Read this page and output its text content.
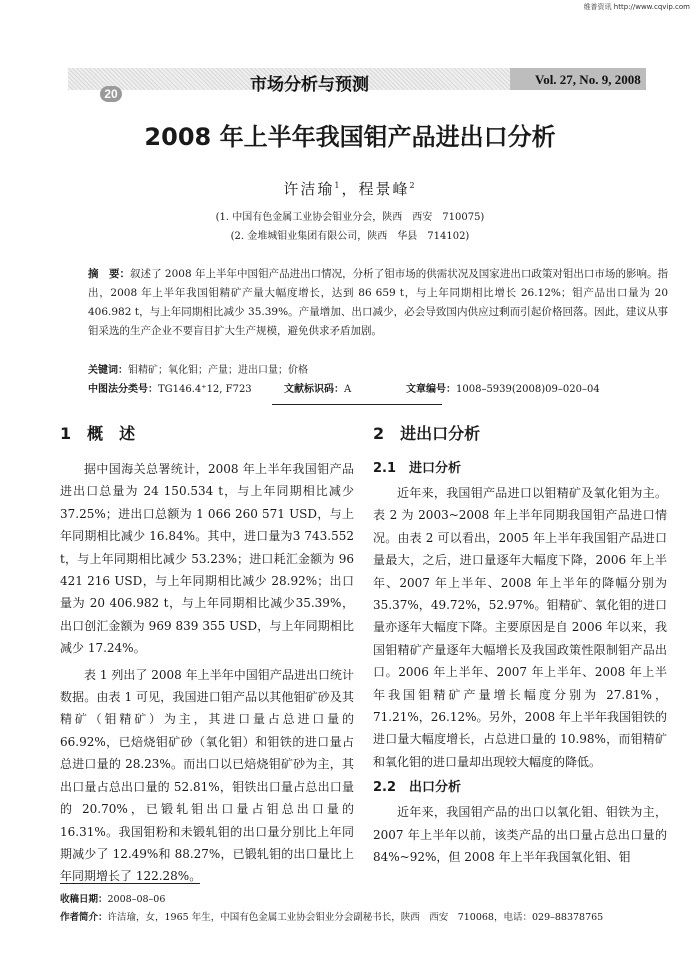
维普资讯 http://www.cqvip.com
市场分析与预测	Vol. 27, No. 9, 2008
20
2008 年上半年我国钼产品进出口分析
许洁瑜$^1$，程景峰$^2$
(1. 中国有色金属工业协会钼业分会，陕西　西安　710075)
(2. 金堆城钼业集团有限公司，陕西　华县　714102)
摘　要：叙述了 2008 年上半年中国钼产品进出口情况，分析了钼市场的供需状况及国家进出口政策对钼出口市场的影响。指出，2008 年上半年我国钼精矿产量大幅度增长，达到 86 659 t，与上年同期相比增长 26.12%；钼产品出口量为 20 406.982 t，与上年同期相比减少 35.39%。产量增加、出口减少，必会导致国内供应过剩而引起价格回落。因此，建议从事钼采选的生产企业不要盲目扩大生产规模，避免供求矛盾加剧。
关键词：钼精矿；氧化钼；产量；进出口量；价格
中图法分类号：TG146.4⁺12, F723	文献标识码：A	文章编号：1008–5939(2008)09–020–04
1　概　述

据中国海关总署统计，2008 年上半年我国钼产品进出口总量为 24 150.534 t，与上年同期相比减少 37.25%；进出口总额为 1 066 260 571 USD，与上年同期相比减少 16.84%。其中，进口量为3 743.552 t，与上年同期相比减少 53.23%；进口耗汇金额为 96 421 216 USD，与上年同期相比减少 28.92%；出口量为 20 406.982 t，与上年同期相比减少35.39%，出口创汇金额为 969 839 355 USD，与上年同期相比减少 17.24%。

表 1 列出了 2008 年上半年中国钼产品进出口统计数据。由表 1 可见，我国进口钼产品以其他钼矿砂及其精矿（钼精矿）为主，其进口量占总进口量的66.92%，已焙烧钼矿砂（氧化钼）和钼铁的进口量占总进口量的 28.23%。而出口以已焙烧钼矿砂为主，其出口量占总出口量的 52.81%，钼铁出口量占总出口量的 20.70%，已锻轧钼出口量占钼总出口量的 16.31%。我国钼粉和未锻轧钼的出口量分别比上年同期减少了 12.49%和 88.27%，已锻轧钼的出口量比上年同期增长了 122.28%。

2　进出口分析
2.1　进口分析

近年来，我国钼产品进口以钼精矿及氧化钼为主。表 2 为 2003~2008 年上半年同期我国钼产品进口情况。由表 2 可以看出，2005 年上半年我国钼产品进口量最大，之后，进口量逐年大幅度下降，2006 年上半年、2007 年上半年、2008 年上半年的降幅分别为 35.37%，49.72%，52.97%。钼精矿、氧化钼的进口量亦逐年大幅度下降。主要原因是自 2006 年以来，我国钼精矿产量逐年大幅增长及我国政策性限制钼产品出口。2006 年上半年、2007 年上半年、2008 年上半年我国钼精矿产量增长幅度分别为 27.81%，71.21%，26.12%。另外，2008 年上半年我国钼铁的进口量大幅度增长，占总进口量的 10.98%，而钼精矿和氧化钼的进口量却出现较大幅度的降低。

2.2　出口分析

近年来，我国钼产品的出口以氧化钼、钼铁为主，2007 年上半年以前，该类产品的出口量占总出口量的 84%~92%，但 2008 年上半年我国氧化钼、钼

收稿日期：2008–08–06
作者简介：许洁瑜，女，1965 年生，中国有色金属工业协会钼业分会副秘书长，陕西　西安　710068，电话：029–88378765
